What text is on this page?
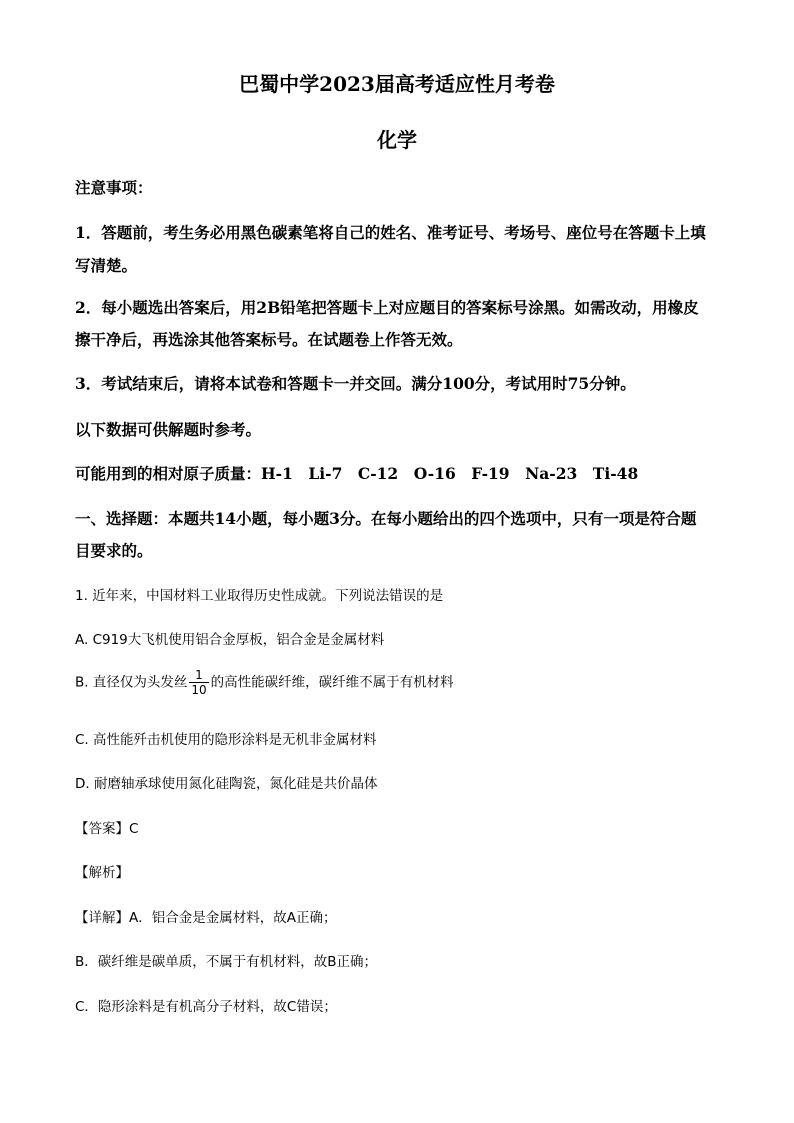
巴蜀中学2023届高考适应性月考卷
化学
注意事项：
1．答题前，考生务必用黑色碳素笔将自己的姓名、准考证号、考场号、座位号在答题卡上填
写清楚。
2．每小题选出答案后，用2B铅笔把答题卡上对应题目的答案标号涂黑。如需改动，用橡皮
擦干净后，再选涂其他答案标号。在试题卷上作答无效。
3．考试结束后，请将本试卷和答题卡一并交回。满分100分，考试用时75分钟。
以下数据可供解题时参考。
可能用到的相对原子质量：H-1　Li-7　C-12　O-16　F-19　Na-23　Ti-48
一、选择题：本题共14小题，每小题3分。在每小题给出的四个选项中，只有一项是符合题
目要求的。
1. 近年来，中国材料工业取得历史性成就。下列说法错误的是
A. C919大飞机使用铝合金厚板，铝合金是金属材料
B. 直径仅为头发丝 $\frac{1}{10}$ 的高性能碳纤维，碳纤维不属于有机材料
C. 高性能歼击机使用的隐形涂料是无机非金属材料
D. 耐磨轴承球使用氮化硅陶瓷，氮化硅是共价晶体
【答案】C
【解析】
【详解】A．铝合金是金属材料，故A正确；
B．碳纤维是碳单质，不属于有机材料，故B正确；
C．隐形涂料是有机高分子材料，故C错误；
